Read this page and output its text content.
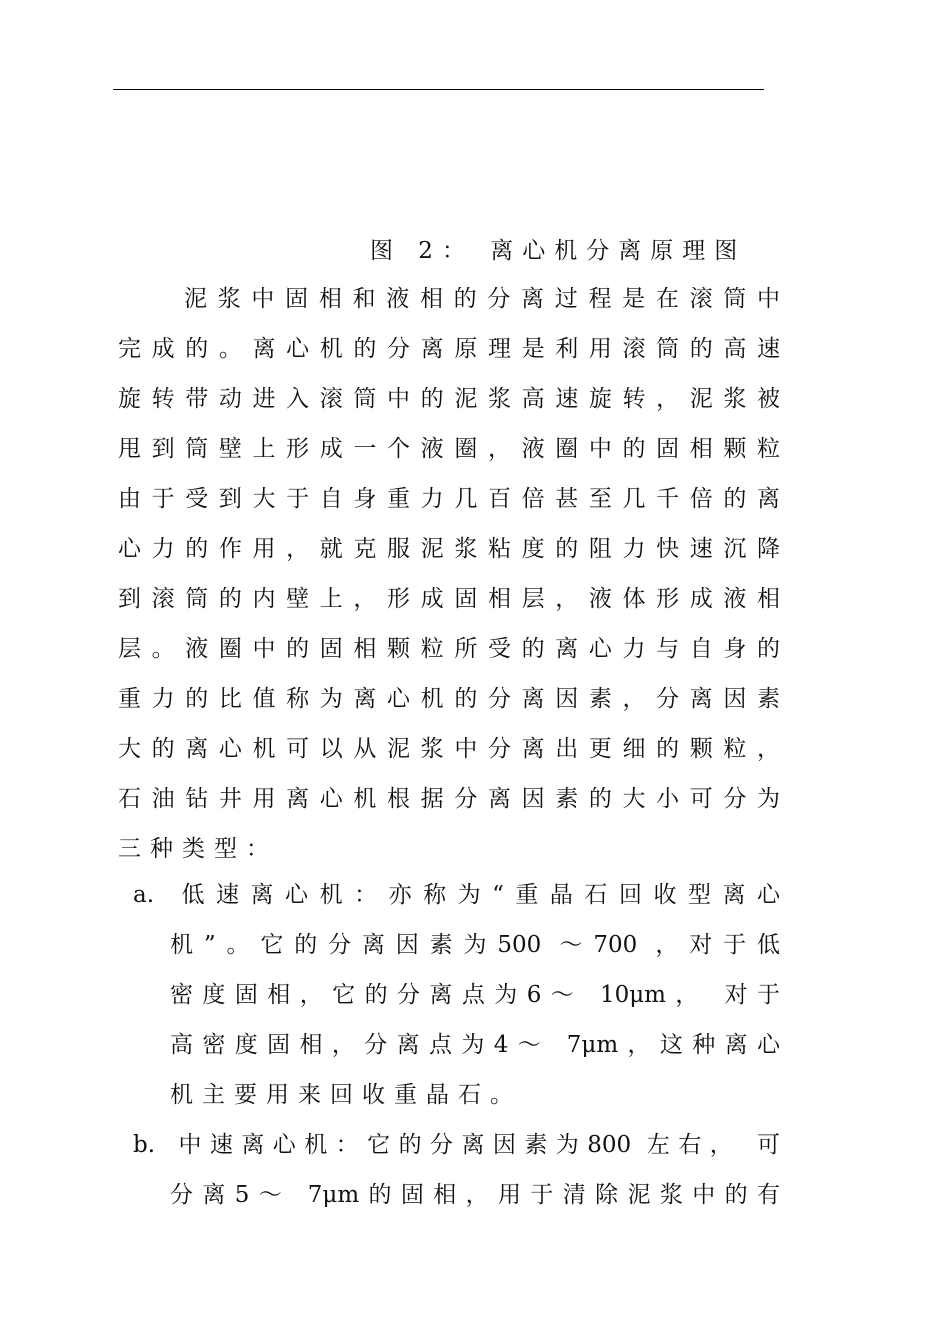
图 2： 离心机分离原理图
泥浆中固相和液相的分离过程是在滚筒中
完成的。离心机的分离原理是利用滚筒的高速
旋转带动进入滚筒中的泥浆高速旋转，泥浆被
甩到筒壁上形成一个液圈，液圈中的固相颗粒
由于受到大于自身重力几百倍甚至几千倍的离
心力的作用，就克服泥浆粘度的阻力快速沉降
到滚筒的内壁上，形成固相层，液体形成液相
层。液圈中的固相颗粒所受的离心力与自身的
重力的比值称为离心机的分离因素，分离因素
大的离心机可以从泥浆中分离出更细的颗粒，
石油钻井用离心机根据分离因素的大小可分为
三种类型：
a. 低速离心机：亦称为“重晶石回收型离心
机”。它的分离因素为500 ～700 ，对于低
密度固相，它的分离点为6～ 10μm， 对于
高密度固相，分离点为4～ 7μm，这种离心
机主要用来回收重晶石。
b. 中速离心机：它的分离因素为800 左右， 可
分离5～ 7μm的固相，用于清除泥浆中的有
